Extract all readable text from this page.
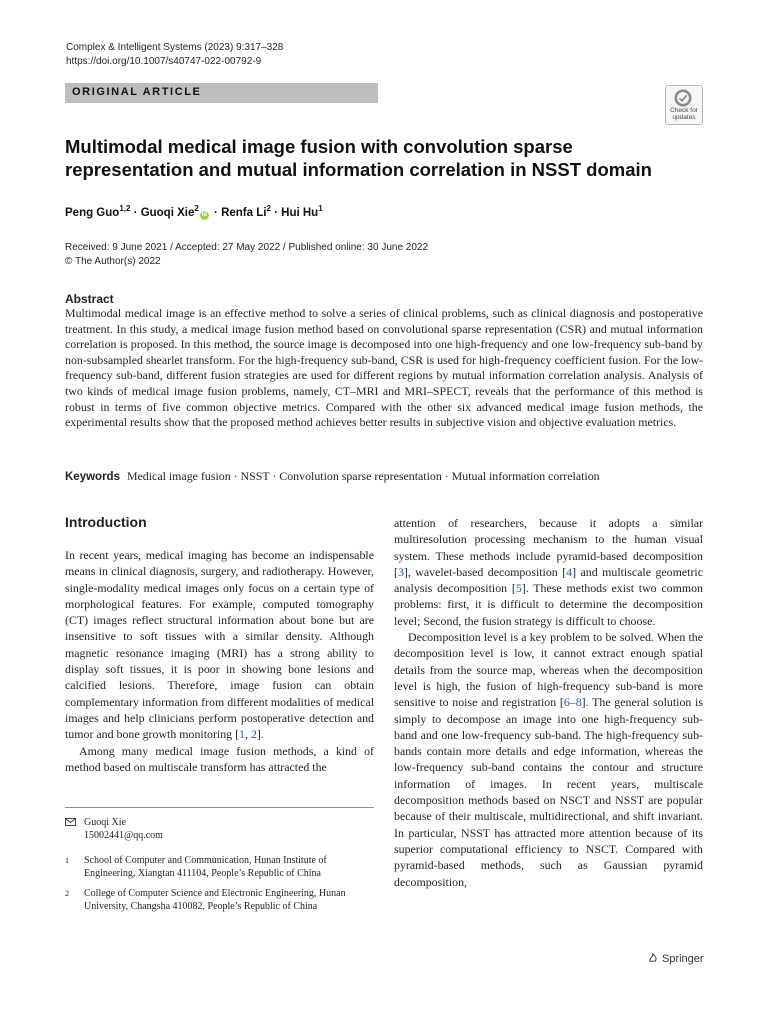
Complex & Intelligent Systems (2023) 9:317–328
https://doi.org/10.1007/s40747-022-00792-9
ORIGINAL ARTICLE
Check for
updates
Multimodal medical image fusion with convolution sparse representation and mutual information correlation in NSST domain
Peng Guo$^{1,2}$ · Guoqi Xie$^2$id · Renfa $Li^2$ · Hui Hu$^1$
Received: 9 June 2021 / Accepted: 27 May 2022 / Published online: 30 June 2022
© The Author(s) 2022
Abstract
Multimodal medical image is an effective method to solve a series of clinical problems, such as clinical diagnosis and postoperative treatment. In this study, a medical image fusion method based on convolutional sparse representation (CSR) and mutual information correlation is proposed. In this method, the source image is decomposed into one high-frequency and one low-frequency sub-band by non-subsampled shearlet transform. For the high-frequency sub-band, CSR is used for high-frequency coefficient fusion. For the low-frequency sub-band, different fusion strategies are used for different regions by mutual information correlation analysis. Analysis of two kinds of medical image fusion problems, namely, CT–MRI and MRI–SPECT, reveals that the performance of this method is robust in terms of five common objective metrics. Compared with the other six advanced medical image fusion methods, the experimental results show that the proposed method achieves better results in subjective vision and objective evaluation metrics.
Keywords Medical image fusion · NSST · Convolution sparse representation · Mutual information correlation
Introduction

In recent years, medical imaging has become an indispensable means in clinical diagnosis, surgery, and radiotherapy. However, single-modality medical images only focus on a certain type of morphological features. For example, computed tomography (CT) images reflect structural information about bone but are insensitive to soft tissues with a similar density. Although magnetic resonance imaging (MRI) has a strong ability to display soft tissues, it is poor in showing bone lesions and calcified lesions. Therefore, image fusion can obtain complementary information from different modalities of medical images and help clinicians perform postoperative detection and tumor and bone growth monitoring [1, 2].

Among many medical image fusion methods, a kind of method based on multiscale transform has attracted the

attention of researchers, because it adopts a similar multiresolution processing mechanism to the human visual system. These methods include pyramid-based decomposition [3], wavelet-based decomposition [4] and multiscale geometric analysis decomposition [5]. These methods exist two common problems: first, it is difficult to determine the decomposition level; Second, the fusion strategy is difficult to choose.

Decomposition level is a key problem to be solved. When the decomposition level is low, it cannot extract enough spatial details from the source map, whereas when the decomposition level is high, the fusion of high-frequency sub-band is more sensitive to noise and registration [6–8]. The general solution is simply to decompose an image into one high-frequency sub-band and one low-frequency sub-band. The high-frequency sub-bands contain more details and edge information, whereas the low-frequency sub-band contains the contour and structure information of images. In recent years, multiscale decomposition methods based on NSCT and NSST are popular because of their multiscale, multidirectional, and shift invariant. In particular, NSST has attracted more attention because of its superior computational efficiency to NSCT. Compared with pyramid-based methods, such as Gaussian pyramid decomposition,

Guoqi Xie
15002441@qq.com
1 School of Computer and Communication, Hunan Institute of Engineering, Xiangtan 411104, People’s Republic of China
2 College of Computer Science and Electronic Engineering, Hunan University, Changsha 410082, People’s Republic of China
Springer
